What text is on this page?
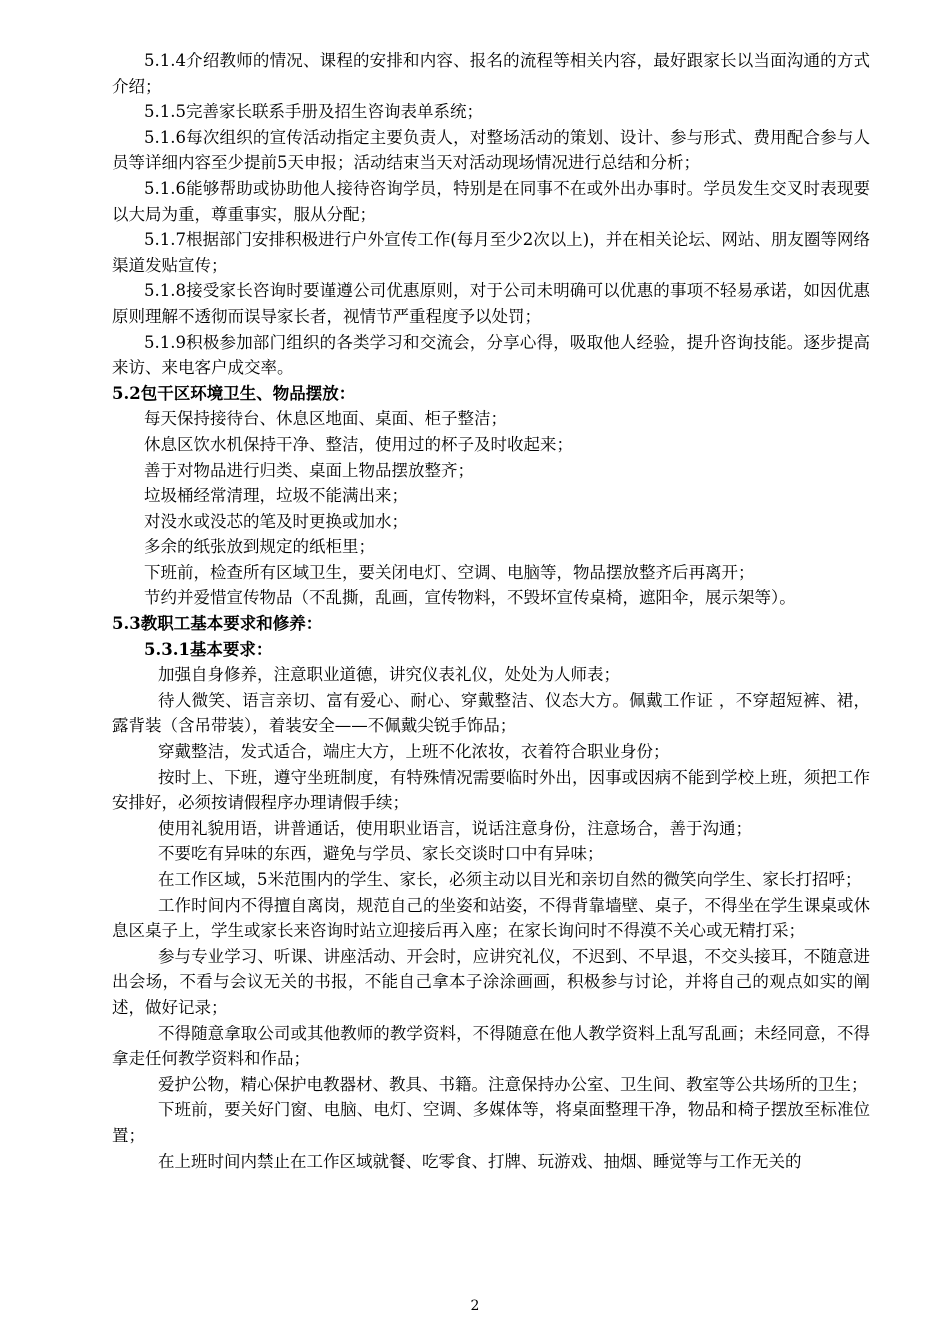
5.1.4介绍教师的情况、课程的安排和内容、报名的流程等相关内容，最好跟家长以当面沟通的方式介绍；

5.1.5完善家长联系手册及招生咨询表单系统；

5.1.6每次组织的宣传活动指定主要负责人，对整场活动的策划、设计、参与形式、费用配合参与人员等详细内容至少提前5天申报；活动结束当天对活动现场情况进行总结和分析；

5.1.6能够帮助或协助他人接待咨询学员，特别是在同事不在或外出办事时。学员发生交叉时表现要以大局为重，尊重事实，服从分配；

5.1.7根据部门安排积极进行户外宣传工作(每月至少2次以上)，并在相关论坛、网站、朋友圈等网络渠道发贴宣传；

5.1.8接受家长咨询时要谨遵公司优惠原则，对于公司未明确可以优惠的事项不轻易承诺，如因优惠原则理解不透彻而误导家长者，视情节严重程度予以处罚；

5.1.9积极参加部门组织的各类学习和交流会，分享心得，吸取他人经验，提升咨询技能。逐步提高来访、来电客户成交率。

5.2包干区环境卫生、物品摆放：

每天保持接待台、休息区地面、桌面、柜子整洁；

休息区饮水机保持干净、整洁，使用过的杯子及时收起来；

善于对物品进行归类、桌面上物品摆放整齐；

垃圾桶经常清理，垃圾不能满出来；

对没水或没芯的笔及时更换或加水；

多余的纸张放到规定的纸柜里；

下班前，检查所有区域卫生，要关闭电灯、空调、电脑等，物品摆放整齐后再离开；

节约并爱惜宣传物品（不乱撕，乱画，宣传物料，不毁坏宣传桌椅，遮阳伞，展示架等）。

5.3教职工基本要求和修养：

5.3.1基本要求：

加强自身修养，注意职业道德，讲究仪表礼仪，处处为人师表；

待人微笑、语言亲切、富有爱心、耐心、穿戴整洁、仪态大方。佩戴工作证 ，不穿超短裤、裙，露背装（含吊带装），着装安全——不佩戴尖锐手饰品；

穿戴整洁，发式适合，端庄大方，上班不化浓妆，衣着符合职业身份；

按时上、下班，遵守坐班制度，有特殊情况需要临时外出，因事或因病不能到学校上班，须把工作安排好，必须按请假程序办理请假手续；

使用礼貌用语，讲普通话，使用职业语言，说话注意身份，注意场合，善于沟通；

不要吃有异味的东西，避免与学员、家长交谈时口中有异味；

在工作区域，5米范围内的学生、家长，必须主动以目光和亲切自然的微笑向学生、家长打招呼；

工作时间内不得擅自离岗，规范自己的坐姿和站姿，不得背靠墙壁、桌子，不得坐在学生课桌或休息区桌子上，学生或家长来咨询时站立迎接后再入座；在家长询问时不得漠不关心或无精打采；

参与专业学习、听课、讲座活动、开会时，应讲究礼仪，不迟到、不早退，不交头接耳，不随意进出会场，不看与会议无关的书报，不能自己拿本子涂涂画画，积极参与讨论，并将自己的观点如实的阐述，做好记录；

不得随意拿取公司或其他教师的教学资料，不得随意在他人教学资料上乱写乱画；未经同意，不得拿走任何教学资料和作品；

爱护公物，精心保护电教器材、教具、书籍。注意保持办公室、卫生间、教室等公共场所的卫生；

下班前，要关好门窗、电脑、电灯、空调、多媒体等，将桌面整理干净，物品和椅子摆放至标准位置；

在上班时间内禁止在工作区域就餐、吃零食、打牌、玩游戏、抽烟、睡觉等与工作无关的

2
